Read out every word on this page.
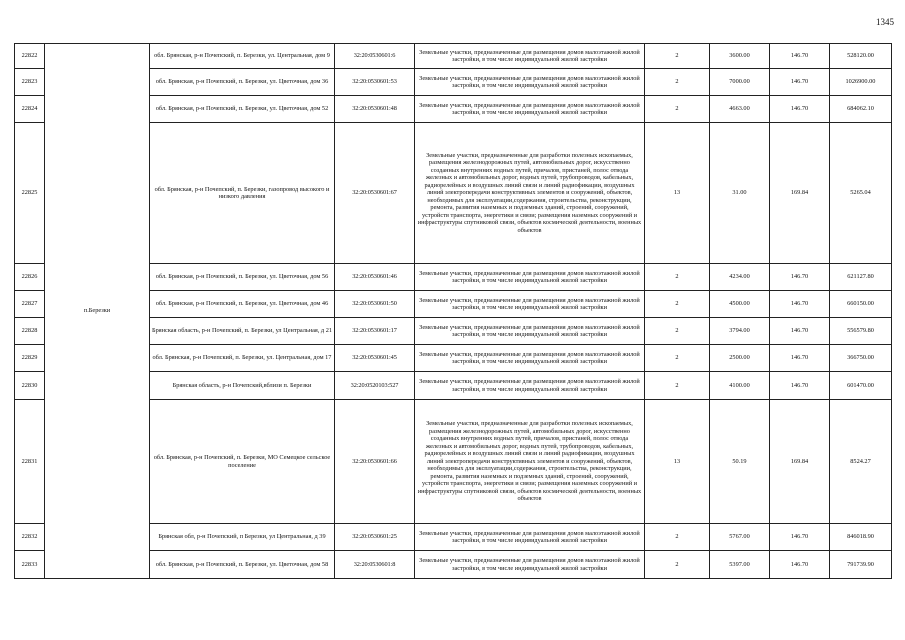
1345
22822	п.Березки	обл. Брянская, р-н Почепский, п. Березки, ул. Центральная, дом 9	32:20:0530601:6	Земельные участки, предназначенные для размещения домов малоэтажной жилой застройки, в том числе индивидуальной жилой застройки	2	3600.00	146.70	528120.00
22823		обл. Брянская, р-н Почепский, п. Березки, ул. Цветочная, дом 36	32:20:0530601:53	Земельные участки, предназначенные для размещения домов малоэтажной жилой застройки, в том числе индивидуальной жилой застройки	2	7000.00	146.70	1026900.00
22824		обл. Брянская, р-н Почепский, п. Березки, ул. Цветочная, дом 52	32:20:0530601:48	Земельные участки, предназначенные для размещения домов малоэтажной жилой застройки, в том числе индивидуальной жилой застройки	2	4663.00	146.70	684062.10
22825		обл. Брянская, р-н Почепский, п. Березки, газопровод высокого и низкого давления	32:20:0530601:67	Земельные участки, предназначенные для разработки полезных ископаемых, размещения железнодорожных путей, автомобильных дорог, искусственно созданных внутренних водных путей, причалов, пристаней, полос отвода железных и автомобильных дорог, водных путей, трубопроводов, кабельных, радиорелейных и воздушных линий связи и линий радиофикации, воздушных линий электропередачи конструктивных элементов и сооружений, объектов, необходимых для эксплуатации,содержания, строительства, реконструкции, ремонта, развития наземных и подземных зданий, строений, сооружений, устройств транспорта, энергетики и связи; размещения наземных сооружений и инфраструктуры спутниковой связи, объектов космической деятельности, военных объектов	13	31.00	169.84	5265.04
22826		обл. Брянская, р-н Почепский, п. Березки, ул. Цветочная, дом 56	32:20:0530601:46	Земельные участки, предназначенные для размещения домов малоэтажной жилой застройки, в том числе индивидуальной жилой застройки	2	4234.00	146.70	621127.80
22827		обл. Брянская, р-н Почепский, п. Березки, ул. Цветочная, дом 46	32:20:0530601:50	Земельные участки, предназначенные для размещения домов малоэтажной жилой застройки, в том числе индивидуальной жилой застройки	2	4500.00	146.70	660150.00
22828		Брянская область, р-н Почепский, п. Березки, ул Центральная, д 21	32:20:0530601:17	Земельные участки, предназначенные для размещения домов малоэтажной жилой застройки, в том числе индивидуальной жилой застройки	2	3794.00	146.70	556579.80
22829		обл. Брянская, р-н Почепский, п. Березки, ул. Центральная, дом 17	32:20:0530601:45	Земельные участки, предназначенные для размещения домов малоэтажной жилой застройки, в том числе индивидуальной жилой застройки	2	2500.00	146.70	366750.00
22830		Брянская область, р-н Почепский,вблизи п. Березки	32:20:0520103:527	Земельные участки, предназначенные для размещения домов малоэтажной жилой застройки, в том числе индивидуальной жилой застройки	2	4100.00	146.70	601470.00
22831		обл. Брянская, р-н Почепский, п. Березки, МО Семецкое сельское поселение	32:20:0530601:66	Земельные участки, предназначенные для разработки полезных ископаемых, размещения железнодорожных путей, автомобильных дорог, искусственно созданных внутренних водных путей, причалов, пристаней, полос отвода железных и автомобильных дорог, водных путей, трубопроводов, кабельных, радиорелейных и воздушных линий связи и линий радиофикации, воздушных линий электропередачи конструктивных элементов и сооружений, объектов, необходимых для эксплуатации,содержания, строительства, реконструкции, ремонта, развития наземных и подземных зданий, строений, сооружений, устройств транспорта, энергетики и связи; размещения наземных сооружений и инфраструктуры спутниковой связи, объектов космической деятельности, военных объектов	13	50.19	169.84	8524.27
22832		Брянская обл, р-н Почепский, п Березки, ул Центральная, д 39	32:20:0530601:25	Земельные участки, предназначенные для размещения домов малоэтажной жилой застройки, в том числе индивидуальной жилой застройки	2	5767.00	146.70	846018.90
22833		обл. Брянская, р-н Почепский, п. Березки, ул. Цветочная, дом 58	32:20:0530601:8	Земельные участки, предназначенные для размещения домов малоэтажной жилой застройки, в том числе индивидуальной жилой застройки	2	5397.00	146.70	791739.90
